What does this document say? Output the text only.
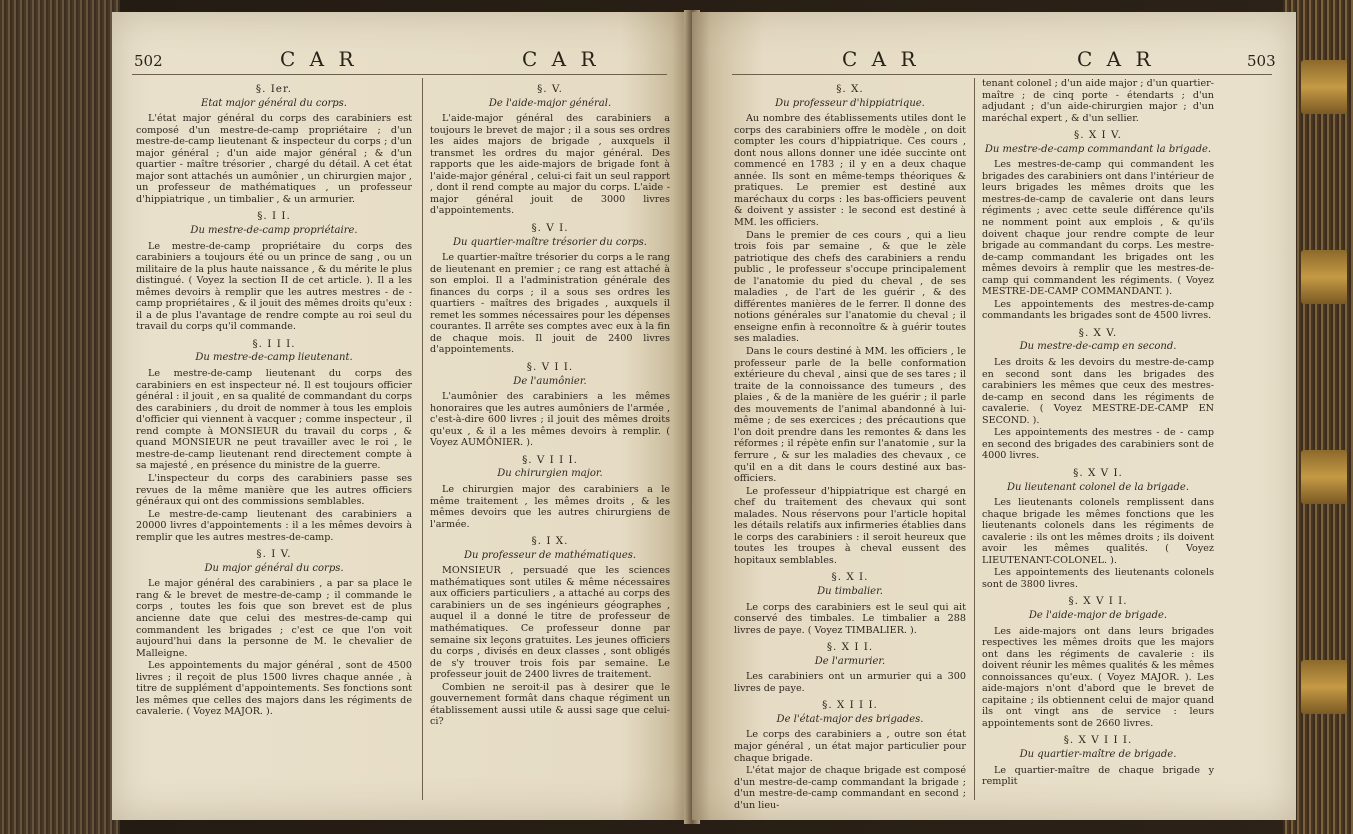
502	C A R	C A R
§. Ier.
Etat major général du corps.

L'état major général du corps des carabiniers est composé d'un mestre-de-camp propriétaire ; d'un mestre-de-camp lieutenant & inspecteur du corps ; d'un major général ; d'un aide major général ; & d'un quartier - maître trésorier , chargé du détail. A cet état major sont attachés un aumônier , un chirurgien major , un professeur de mathématiques , un professeur d'hippiatrique , un timbalier , & un armurier.

§. I I.
Du mestre-de-camp propriétaire.

Le mestre-de-camp propriétaire du corps des carabiniers a toujours été ou un prince de sang , ou un militaire de la plus haute naissance , & du mérite le plus distingué. ( Voyez la section II de cet article. ). Il a les mêmes devoirs à remplir que les autres mestres - de - camp propriétaires , & il jouit des mêmes droits qu'eux : il a de plus l'avantage de rendre compte au roi seul du travail du corps qu'il commande.

§. I I I.
Du mestre-de-camp lieutenant.

Le mestre-de-camp lieutenant du corps des carabiniers en est inspecteur né. Il est toujours officier général : il jouit , en sa qualité de commandant du corps des carabiniers , du droit de nommer à tous les emplois d'officier qui viennent à vacquer ; comme inspecteur , il rend compte à MONSIEUR du travail du corps , & quand MONSIEUR ne peut travailler avec le roi , le mestre-de-camp lieutenant rend directement compte à sa majesté , en présence du ministre de la guerre.

L'inspecteur du corps des carabiniers passe ses revues de la même manière que les autres officiers généraux qui ont des commissions semblables.

Le mestre-de-camp lieutenant des carabiniers a 20000 livres d'appointements : il a les mêmes devoirs à remplir que les autres mestres-de-camp.

§. I V.
Du major général du corps.

Le major général des carabiniers , a par sa place le rang & le brevet de mestre-de-camp ; il commande le corps , toutes les fois que son brevet est de plus ancienne date que celui des mestres-de-camp qui commandent les brigades ; c'est ce que l'on voit aujourd'hui dans la personne de M. le chevalier de Malleigne.

Les appointements du major général , sont de 4500 livres ; il reçoit de plus 1500 livres chaque année , à titre de supplément d'appointements. Ses fonctions sont les mêmes que celles des majors dans les régiments de cavalerie. ( Voyez MAJOR. ).

§. V.
De l'aide-major général.

L'aide-major général des carabiniers a toujours le brevet de major ; il a sous ses ordres les aides majors de brigade , auxquels il transmet les ordres du major général. Des rapports que les aide-majors de brigade font à l'aide-major général , celui-ci fait un seul rapport , dont il rend compte au major du corps. L'aide - major général jouit de 3000 livres d'appointements.

§. V I.
Du quartier-maître trésorier du corps.

Le quartier-maître trésorier du corps a le rang de lieutenant en premier ; ce rang est attaché à son emploi. Il a l'administration générale des finances du corps ; il a sous ses ordres les quartiers - maîtres des brigades , auxquels il remet les sommes nécessaires pour les dépenses courantes. Il arrête ses comptes avec eux à la fin de chaque mois. Il jouit de 2400 livres d'appointements.

§. V I I.
De l'aumônier.

L'aumônier des carabiniers a les mêmes honoraires que les autres aumôniers de l'armée , c'est-à-dire 600 livres ; il jouit des mêmes droits qu'eux , & il a les mêmes devoirs à remplir. ( Voyez AUMÔNIER. ).

§. V I I I.
Du chirurgien major.

Le chirurgien major des carabiniers a le même traitement , les mêmes droits , & les mêmes devoirs que les autres chirurgiens de l'armée.

§. I X.
Du professeur de mathématiques.

MONSIEUR , persuadé que les sciences mathématiques sont utiles & même nécessaires aux officiers particuliers , a attaché au corps des carabiniers un de ses ingénieurs géographes , auquel il a donné le titre de professeur de mathématiques. Ce professeur donne par semaine six leçons gratuites. Les jeunes officiers du corps , divisés en deux classes , sont obligés de s'y trouver trois fois par semaine. Le professeur jouit de 2400 livres de traitement.

Combien ne seroit-il pas à desirer que le gouvernement formât dans chaque régiment un établissement aussi utile & aussi sage que celui-ci?

C A R	C A R	503
§. X.
Du professeur d'hippiatrique.

Au nombre des établissements utiles dont le corps des carabiniers offre le modèle , on doit compter les cours d'hippiatrique. Ces cours , dont nous allons donner une idée succinte ont commencé en 1783 ; il y en a deux chaque année. Ils sont en même-temps théoriques & pratiques. Le premier est destiné aux maréchaux du corps : les bas-officiers peuvent & doivent y assister : le second est destiné à MM. les officiers.

Dans le premier de ces cours , qui a lieu trois fois par semaine , & que le zèle patriotique des chefs des carabiniers a rendu public , le professeur s'occupe principalement de l'anatomie du pied du cheval , de ses maladies , de l'art de les guérir , & des différentes manières de le ferrer. Il donne des notions générales sur l'anatomie du cheval ; il enseigne enfin à reconnoître & à guérir toutes ses maladies.

Dans le cours destiné à MM. les officiers , le professeur parle de la belle conformation extérieure du cheval , ainsi que de ses tares ; il traite de la connoissance des tumeurs , des plaies , & de la manière de les guérir ; il parle des mouvements de l'animal abandonné à lui-même ; de ses exercices ; des précautions que l'on doit prendre dans les remontes & dans les réformes ; il répète enfin sur l'anatomie , sur la ferrure , & sur les maladies des chevaux , ce qu'il en a dit dans le cours destiné aux bas-officiers.

Le professeur d'hippiatrique est chargé en chef du traitement des chevaux qui sont malades. Nous réservons pour l'article hopital les détails relatifs aux infirmeries établies dans le corps des carabiniers : il seroit heureux que toutes les troupes à cheval eussent des hopitaux semblables.

§. X I.
Du timbalier.

Le corps des carabiniers est le seul qui ait conservé des timbales. Le timbalier a 288 livres de paye. ( Voyez TIMBALIER. ).

§. X I I.
De l'armurier.

Les carabiniers ont un armurier qui a 300 livres de paye.

§. X I I I.
De l'état-major des brigades.

Le corps des carabiniers a , outre son état major général , un état major particulier pour chaque brigade.

L'état major de chaque brigade est composé d'un mestre-de-camp commandant la brigade ; d'un mestre-de-camp commandant en second ; d'un lieu-

tenant colonel ; d'un aide major ; d'un quartier-maître ; de cinq porte - étendarts ; d'un adjudant ; d'un aide-chirurgien major ; d'un maréchal expert , & d'un sellier.

§. X I V.
Du mestre-de-camp commandant la brigade.

Les mestres-de-camp qui commandent les brigades des carabiniers ont dans l'intérieur de leurs brigades les mêmes droits que les mestres-de-camp de cavalerie ont dans leurs régiments ; avec cette seule différence qu'ils ne nomment point aux emplois , & qu'ils doivent chaque jour rendre compte de leur brigade au commandant du corps. Les mestre-de-camp commandant les brigades ont les mêmes devoirs à remplir que les mestres-de-camp qui commandent les régiments. ( Voyez MESTRE-DE-CAMP COMMANDANT. ).

Les appointements des mestres-de-camp commandants les brigades sont de 4500 livres.

§. X V.
Du mestre-de-camp en second.

Les droits & les devoirs du mestre-de-camp en second sont dans les brigades des carabiniers les mêmes que ceux des mestres-de-camp en second dans les régiments de cavalerie. ( Voyez MESTRE-DE-CAMP EN SECOND. ).

Les appointements des mestres - de - camp en second des brigades des carabiniers sont de 4000 livres.

§. X V I.
Du lieutenant colonel de la brigade.

Les lieutenants colonels remplissent dans chaque brigade les mêmes fonctions que les lieutenants colonels dans les régiments de cavalerie : ils ont les mêmes droits ; ils doivent avoir les mêmes qualités. ( Voyez LIEUTENANT-COLONEL. ).

Les appointements des lieutenants colonels sont de 3800 livres.

§. X V I I.
De l'aide-major de brigade.

Les aide-majors ont dans leurs brigades respectives les mêmes droits que les majors ont dans les régiments de cavalerie : ils doivent réunir les mêmes qualités & les mêmes connoissances qu'eux. ( Voyez MAJOR. ). Les aide-majors n'ont d'abord que le brevet de capitaine ; ils obtiennent celui de major quand ils ont vingt ans de service : leurs appointements sont de 2660 livres.

§. X V I I I.
Du quartier-maître de brigade.

Le quartier-maître de chaque brigade y remplit
